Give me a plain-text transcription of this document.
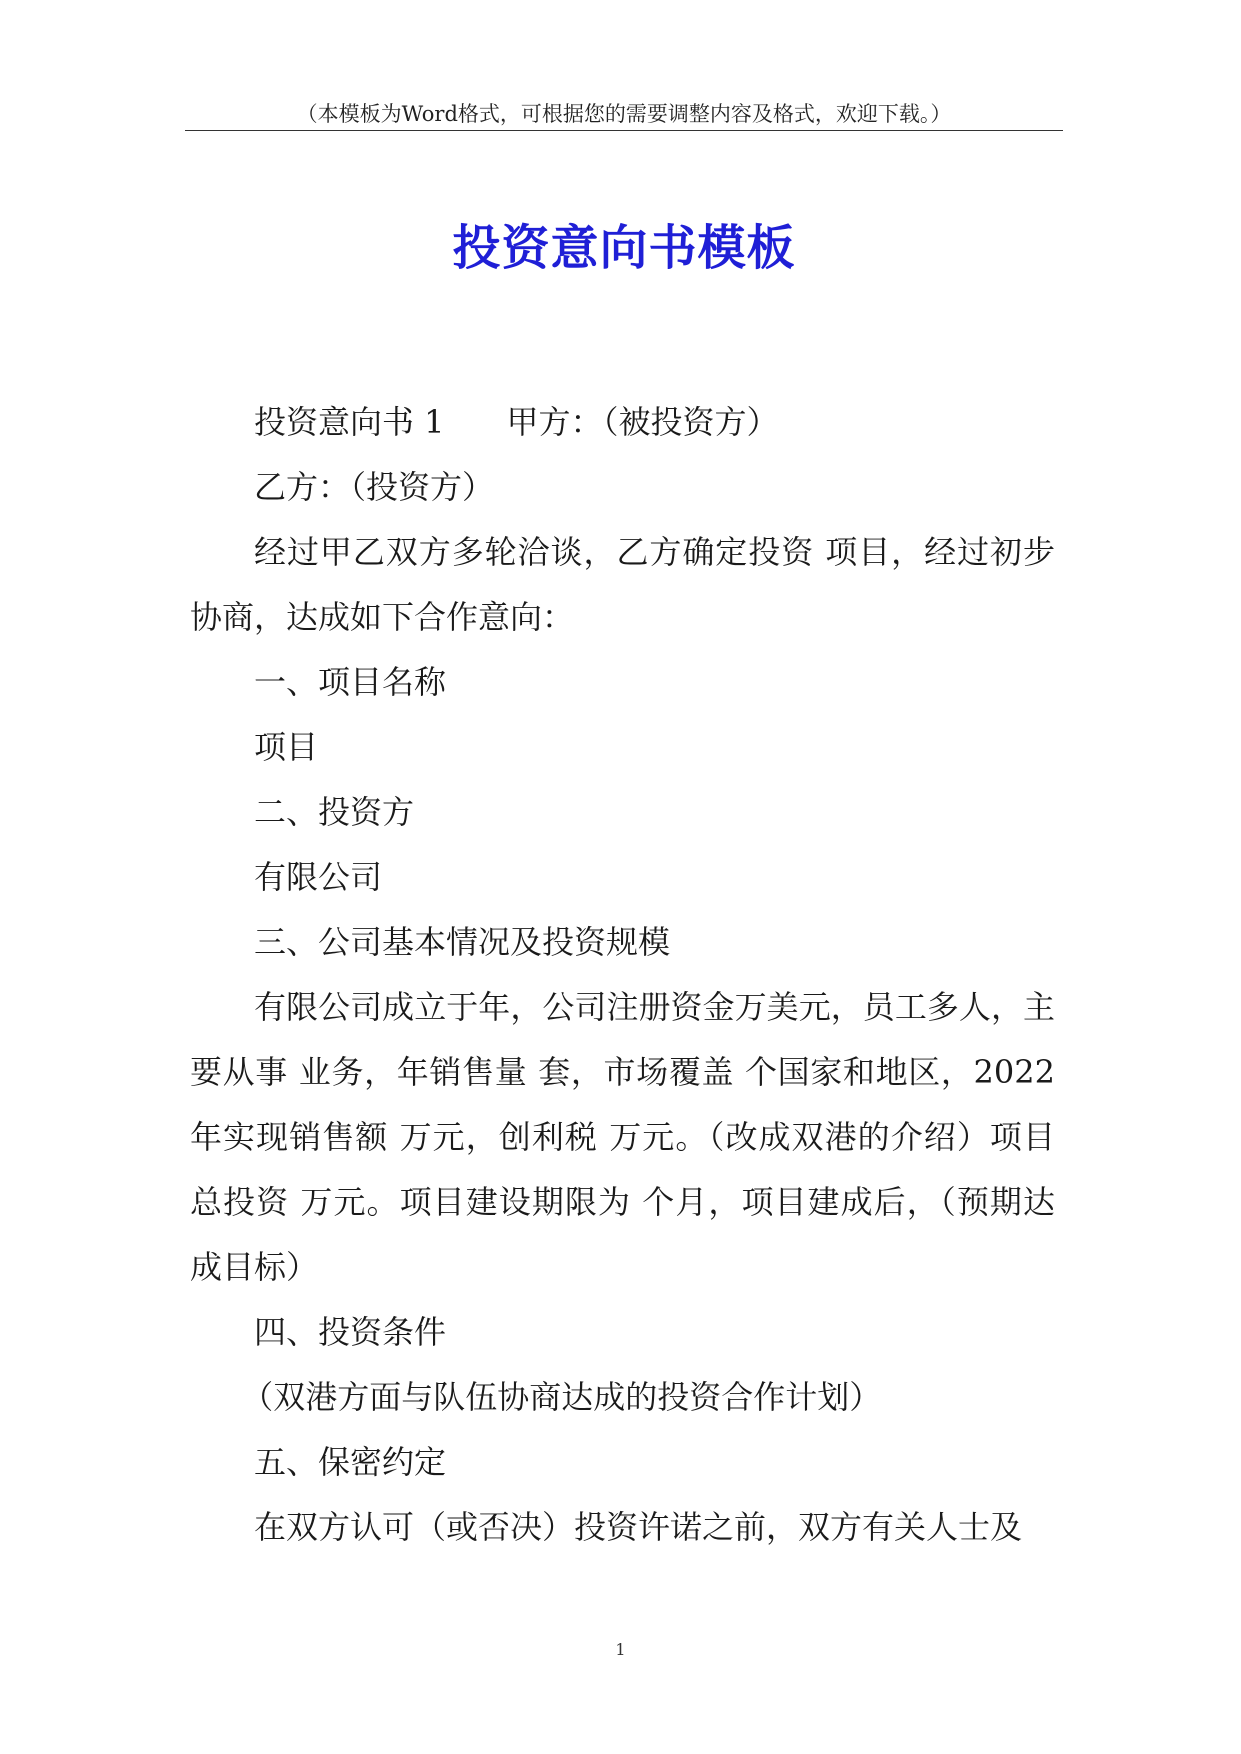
（本模板为Word格式，可根据您的需要调整内容及格式，欢迎下载。）
投资意向书模板

投资意向书 1 甲方：（被投资方）

乙方：（投资方）

经过甲乙双方多轮洽谈，乙方确定投资 项目，经过初步协商，达成如下合作意向：

一、项目名称

项目

二、投资方

有限公司

三、公司基本情况及投资规模

有限公司成立于年，公司注册资金万美元，员工多人，主要从事 业务，年销售量 套，市场覆盖 个国家和地区，2022年实现销售额 万元，创利税 万元。（改成双港的介绍）项目总投资 万元。项目建设期限为 个月，项目建成后，（预期达成目标）

四、投资条件

（双港方面与队伍协商达成的投资合作计划）

五、保密约定

在双方认可（或否决）投资许诺之前，双方有关人士及

1
